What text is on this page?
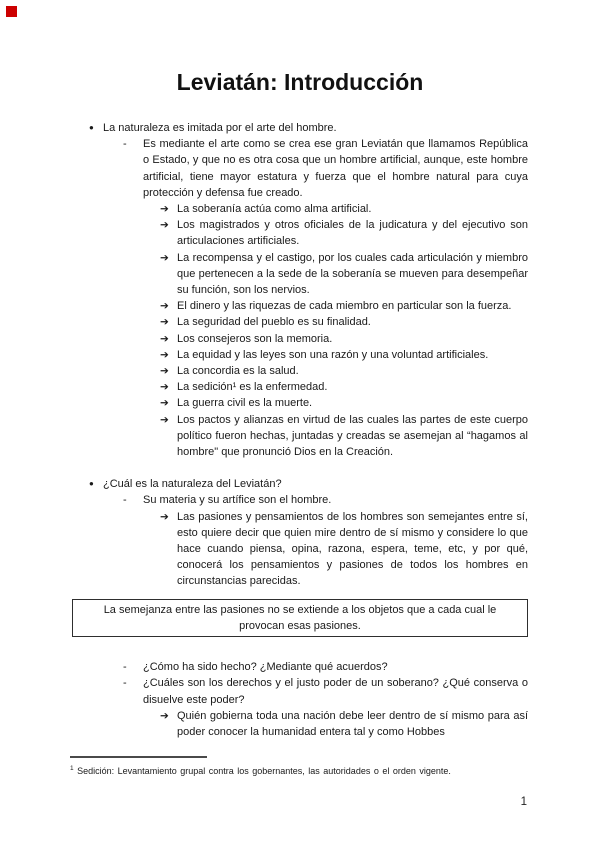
Leviatán: Introducción
● La naturaleza es imitada por el arte del hombre.
-	Es mediante el arte como se crea ese gran Leviatán que llamamos República o Estado, y que no es otra cosa que un hombre artificial, aunque, este hombre artificial, tiene mayor estatura y fuerza que el hombre natural para cuya protección y defensa fue creado.
➔ La soberanía actúa como alma artificial.
➔ Los magistrados y otros oficiales de la judicatura y del ejecutivo son articulaciones artificiales.
➔ La recompensa y el castigo, por los cuales cada articulación y miembro que pertenecen a la sede de la soberanía se mueven para desempeñar su función, son los nervios.
➔ El dinero y las riquezas de cada miembro en particular son la fuerza.
➔ La seguridad del pueblo es su finalidad.
➔ Los consejeros son la memoria.
➔ La equidad y las leyes son una razón y una voluntad artificiales.
➔ La concordia es la salud.
➔ La sedición¹ es la enfermedad.
➔ La guerra civil es la muerte.
➔ Los pactos y alianzas en virtud de las cuales las partes de este cuerpo político fueron hechas, juntadas y creadas se asemejan al “hagamos al hombre" que pronunció Dios en la Creación.
● ¿Cuál es la naturaleza del Leviatán?
-	Su materia y su artífice son el hombre.
➔ Las pasiones y pensamientos de los hombres son semejantes entre sí, esto quiere decir que quien mire dentro de sí mismo y considere lo que hace cuando piensa, opina, razona, espera, teme, etc, y por qué, conocerá los pensamientos y pasiones de todos los hombres en circunstancias parecidas.
La semejanza entre las pasiones no se extiende a los objetos que a cada cual le provocan esas pasiones.
-	¿Cómo ha sido hecho? ¿Mediante qué acuerdos?
-	¿Cuáles son los derechos y el justo poder de un soberano? ¿Qué conserva o disuelve este poder?
➔ Quién gobierna toda una nación debe leer dentro de sí mismo para así poder conocer la humanidad entera tal y como Hobbes
$^1$ Sedición: Levantamiento grupal contra los gobernantes, las autoridades o el orden vigente.
1
